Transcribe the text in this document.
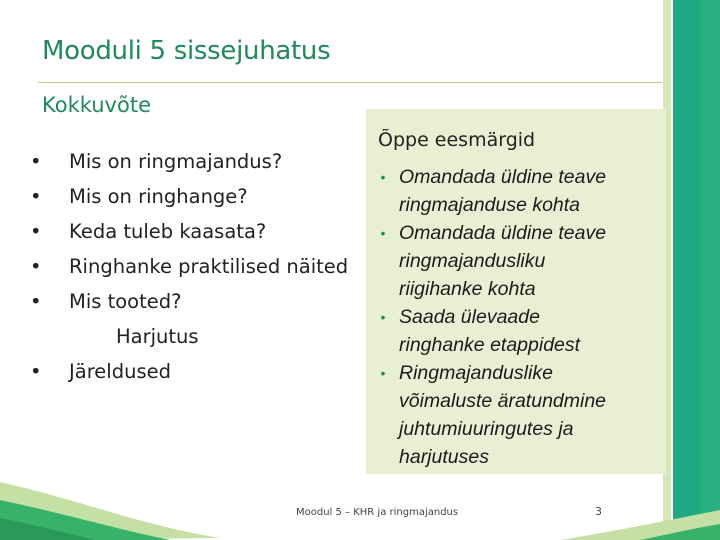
Mooduli 5 sissejuhatus
Kokkuvõte
• Mis on ringmajandus?
• Mis on ringhange?
• Keda tuleb kaasata?
• Ringhanke praktilised näited
• Mis tooted?
Harjutus
• Järeldused
Õppe eesmärgid
• Omandada üldine teave
ringmajanduse kohta
• Omandada üldine teave
ringmajandusliku
riigihanke kohta
• Saada ülevaade
ringhanke etappidest
• Ringmajanduslike
võimaluste äratundmine
juhtumiuuringutes ja
harjutuses
Moodul 5 – KHR ja ringmajandus	3
